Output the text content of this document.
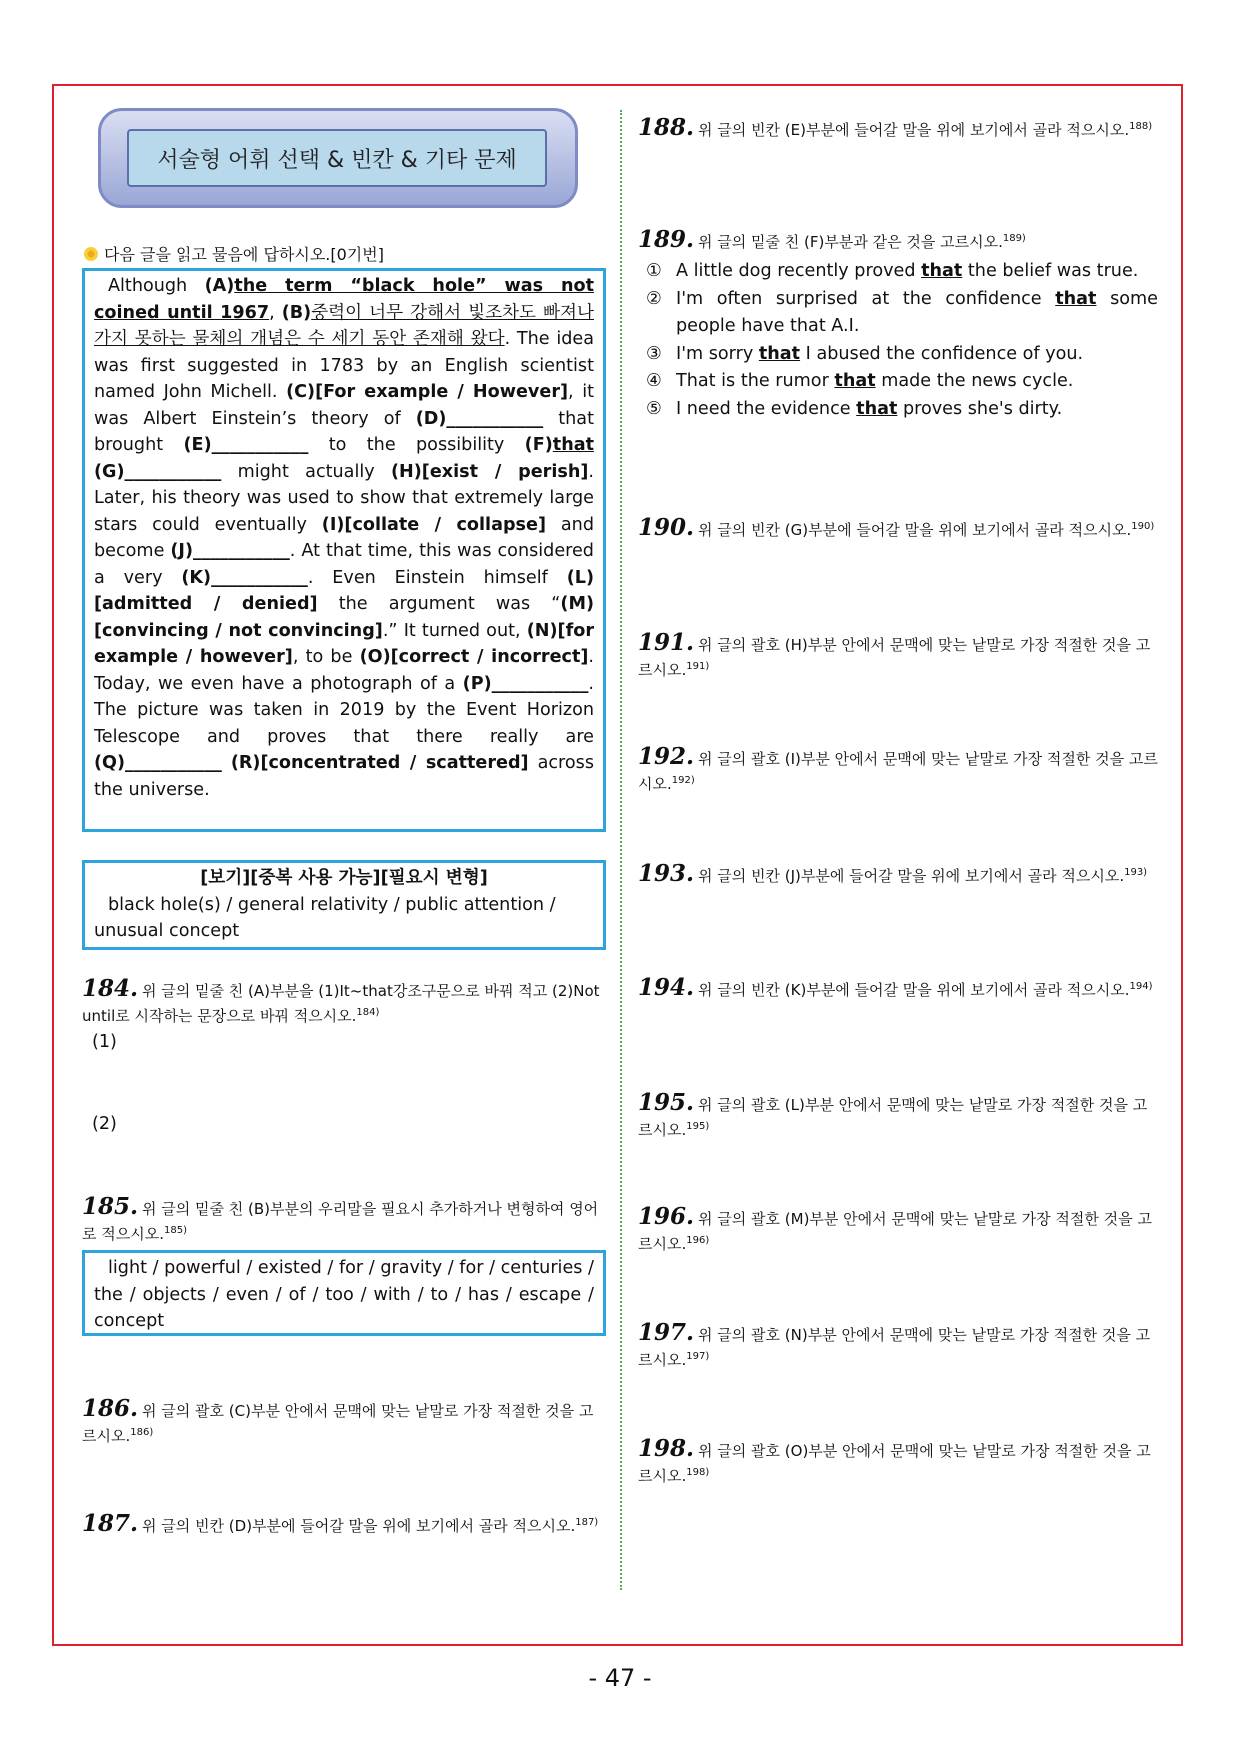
서술형 어휘 선택 & 빈칸 & 기타 문제
다음 글을 읽고 물음에 답하시오.[0기번]
Although (A)the term “black hole” was not coined until 1967, (B)중력이 너무 강해서 빛조차도 빠져나가지 못하는 물체의 개념은 수 세기 동안 존재해 왔다. The idea was first suggested in 1783 by an English scientist named John Michell. (C)[For example / However], it was Albert Einstein’s theory of (D)___________ that brought (E)___________ to the possibility (F)that (G)___________ might actually (H)[exist / perish]. Later, his theory was used to show that extremely large stars could eventually (I)[collate / collapse] and become (J)___________. At that time, this was considered a very (K)___________. Even Einstein himself (L)[admitted / denied] the argument was “(M)[convincing / not convincing].” It turned out, (N)[for example / however], to be (O)[correct / incorrect]. Today, we even have a photograph of a (P)___________. The picture was taken in 2019 by the Event Horizon Telescope and proves that there really are (Q)___________ (R)[concentrated / scattered] across the universe.
[보기][중복 사용 가능][필요시 변형]
black hole(s) / general relativity / public attention / unusual concept
184. 위 글의 밑줄 친 (A)부분을 (1)It~that강조구문으로 바꿔 적고 (2)Not until로 시작하는 문장으로 바꿔 적으시오.$^{184)}$
(1)
(2)
185. 위 글의 밑줄 친 (B)부분의 우리말을 필요시 추가하거나 변형하여 영어로 적으시오.$^{185)}$
light / powerful / existed / for / gravity / for / centuries / the / objects / even / of / too / with / to / has / escape / concept
186. 위 글의 괄호 (C)부분 안에서 문맥에 맞는 낱말로 가장 적절한 것을 고르시오.$^{186)}$
187. 위 글의 빈칸 (D)부분에 들어갈 말을 위에 보기에서 골라 적으시오.$^{187)}$
188. 위 글의 빈칸 (E)부분에 들어갈 말을 위에 보기에서 골라 적으시오.$^{188)}$
189. 위 글의 밑줄 친 (F)부분과 같은 것을 고르시오.$^{189)}$
① A little dog recently proved that the belief was true.
② I'm often surprised at the confidence that some people have that A.I.
③ I'm sorry that I abused the confidence of you.
④ That is the rumor that made the news cycle.
⑤ I need the evidence that proves she's dirty.
190. 위 글의 빈칸 (G)부분에 들어갈 말을 위에 보기에서 골라 적으시오.$^{190)}$
191. 위 글의 괄호 (H)부분 안에서 문맥에 맞는 낱말로 가장 적절한 것을 고르시오.$^{191)}$
192. 위 글의 괄호 (I)부분 안에서 문맥에 맞는 낱말로 가장 적절한 것을 고르시오.$^{192)}$
193. 위 글의 빈칸 (J)부분에 들어갈 말을 위에 보기에서 골라 적으시오.$^{193)}$
194. 위 글의 빈칸 (K)부분에 들어갈 말을 위에 보기에서 골라 적으시오.$^{194)}$
195. 위 글의 괄호 (L)부분 안에서 문맥에 맞는 낱말로 가장 적절한 것을 고르시오.$^{195)}$
196. 위 글의 괄호 (M)부분 안에서 문맥에 맞는 낱말로 가장 적절한 것을 고르시오.$^{196)}$
197. 위 글의 괄호 (N)부분 안에서 문맥에 맞는 낱말로 가장 적절한 것을 고르시오.$^{197)}$
198. 위 글의 괄호 (O)부분 안에서 문맥에 맞는 낱말로 가장 적절한 것을 고르시오.$^{198)}$
- 47 -
